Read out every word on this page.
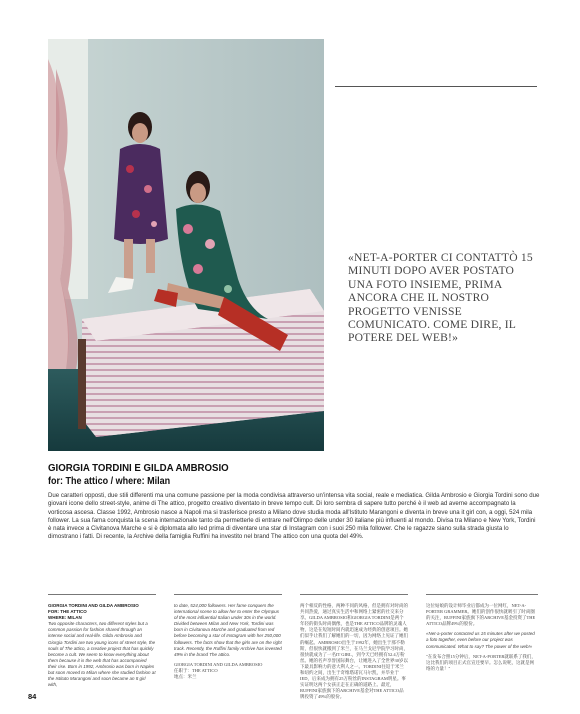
«NET-A-PORTER CI CONTATTÒ 15 MINUTI DOPO AVER POSTATO UNA FOTO INSIEME, PRIMA ANCORA CHE IL NOSTRO PROGETTO VENISSE COMUNICATO. COME DIRE, IL POTERE DEL WEB!»
GIORGIA TORDINI E GILDA AMBROSIO
for: The attico / where: Milan
Due caratteri opposti, due stili differenti ma una comune passione per la moda condivisa attraverso un'intensa vita social, reale e mediatica. Gilda Ambrosio e Giorgia Tordini sono due giovani icone dello street-style, anime di The attico, progetto creativo diventato in breve tempo cult. Di loro sembra di sapere tutto perché è il web ad averne accompagnato la vorticosa ascesa. Classe 1992, Ambrosio nasce a Napoli ma si trasferisce presto a Milano dove studia moda all'Istituto Marangoni e diventa in breve una it girl con, a oggi, 524 mila follower. La sua fama conquista la scena internazionale tanto da permetterle di entrare nell'Olimpo delle under 30 italiane più influenti al mondo. Divisa tra Milano e New York, Tordini è nata invece a Civitanova Marche e si è diplomata allo Ied prima di diventare una star di Instagram con i suoi 250 mila follower. Che le ragazze siano sulla strada giusta lo dimostrano i fatti. Di recente, la Archive della famiglia Ruffini ha investito nel brand The attico con una quota del 49%.
GIORGIA TORDINI AND GILDA AMBROSIO
FOR: THE ATTICO
WHERE: MILAN
Two opposite characters, two different styles but a common passion for fashion shared through an intense social and real-life. Gilda Ambrosio and Giorgia Tordini are two young icons of street style, the souls of The attico, a creative project that has quickly become a cult. We seem to know everything about them because it is the web that has accompanied their rise. Born in 1992, Ambrosio was born in Naples but soon moved to Milan where she studied fashion at the Istituto Marangoni and soon became an It girl with,
to date, 524,000 followers. Her fame conquers the international scene to allow her to enter the Olympus of the most influential Italian under 30s in the world. Divided between Milan and New York, Tordini was born in Civitanova Marche and graduated from Ied before becoming a star of Instagram with her 250,000 followers. The facts show that the girls are on the right track. Recently, the Ruffini family Archive has invested 49% in the brand The attico.
GIORGIA TORDINI AND GILDA AMBROSIO
任职于：THE ATTICO
地点：米兰
两个相反的性格，两种不同的风格，但是拥有对时尚的共同热爱，通过真实生活中和网络上紧密的社交来分享。GILDA AMBROSIO和GIORGIA TORDINI是两个年轻的街头时尚偶像，也是THE ATTICO品牌的灵魂人物，这是在短短时间内就迅速成为经典的创意项目。她们似乎让我们了解她们的一切，因为网络上见证了她们的崛起。AMBROSIO出生于1992年，她出生于那不勒斯，但很快就搬到了米兰，在马兰戈尼学院学习时尚，很快就成为了一名IT GIRL，到今天已经拥有52.4万粉丝。她的名声享誉国际舞台，让她进入了全世界30岁以下最具影响力的意大利人之一。TORDINI往返于米兰和纽约之间，出生于奇维塔诺瓦马尔凯，并毕业于IED，后来成为拥有25万粉丝的INSTAGRAM明星。事实证明这两个女孩正走在正确的道路上。最近，RUFFINI家族旗下的ARCHIVE基金对THE ATTICO品牌投资了49%的股份。
这位姑娘的设计师毕业后都成为一位网红，NET-A-PORTER GRAMMER。她们的创作很快就吸引了时尚圈的关注，RUFFINI家族旗下的ARCHIVE基金投资了THE ATTICO品牌49%的股份。
«Net-a-porter contacted us 15 minutes after we posted a foto together, even before our project was communicated. What to say? The power of the web!»
"在发布合照15分钟后，NET-A-PORTER就联系了我们，这比我们的项目正式官宣还要早。怎么说呢，这就是网络的力量！"
84
